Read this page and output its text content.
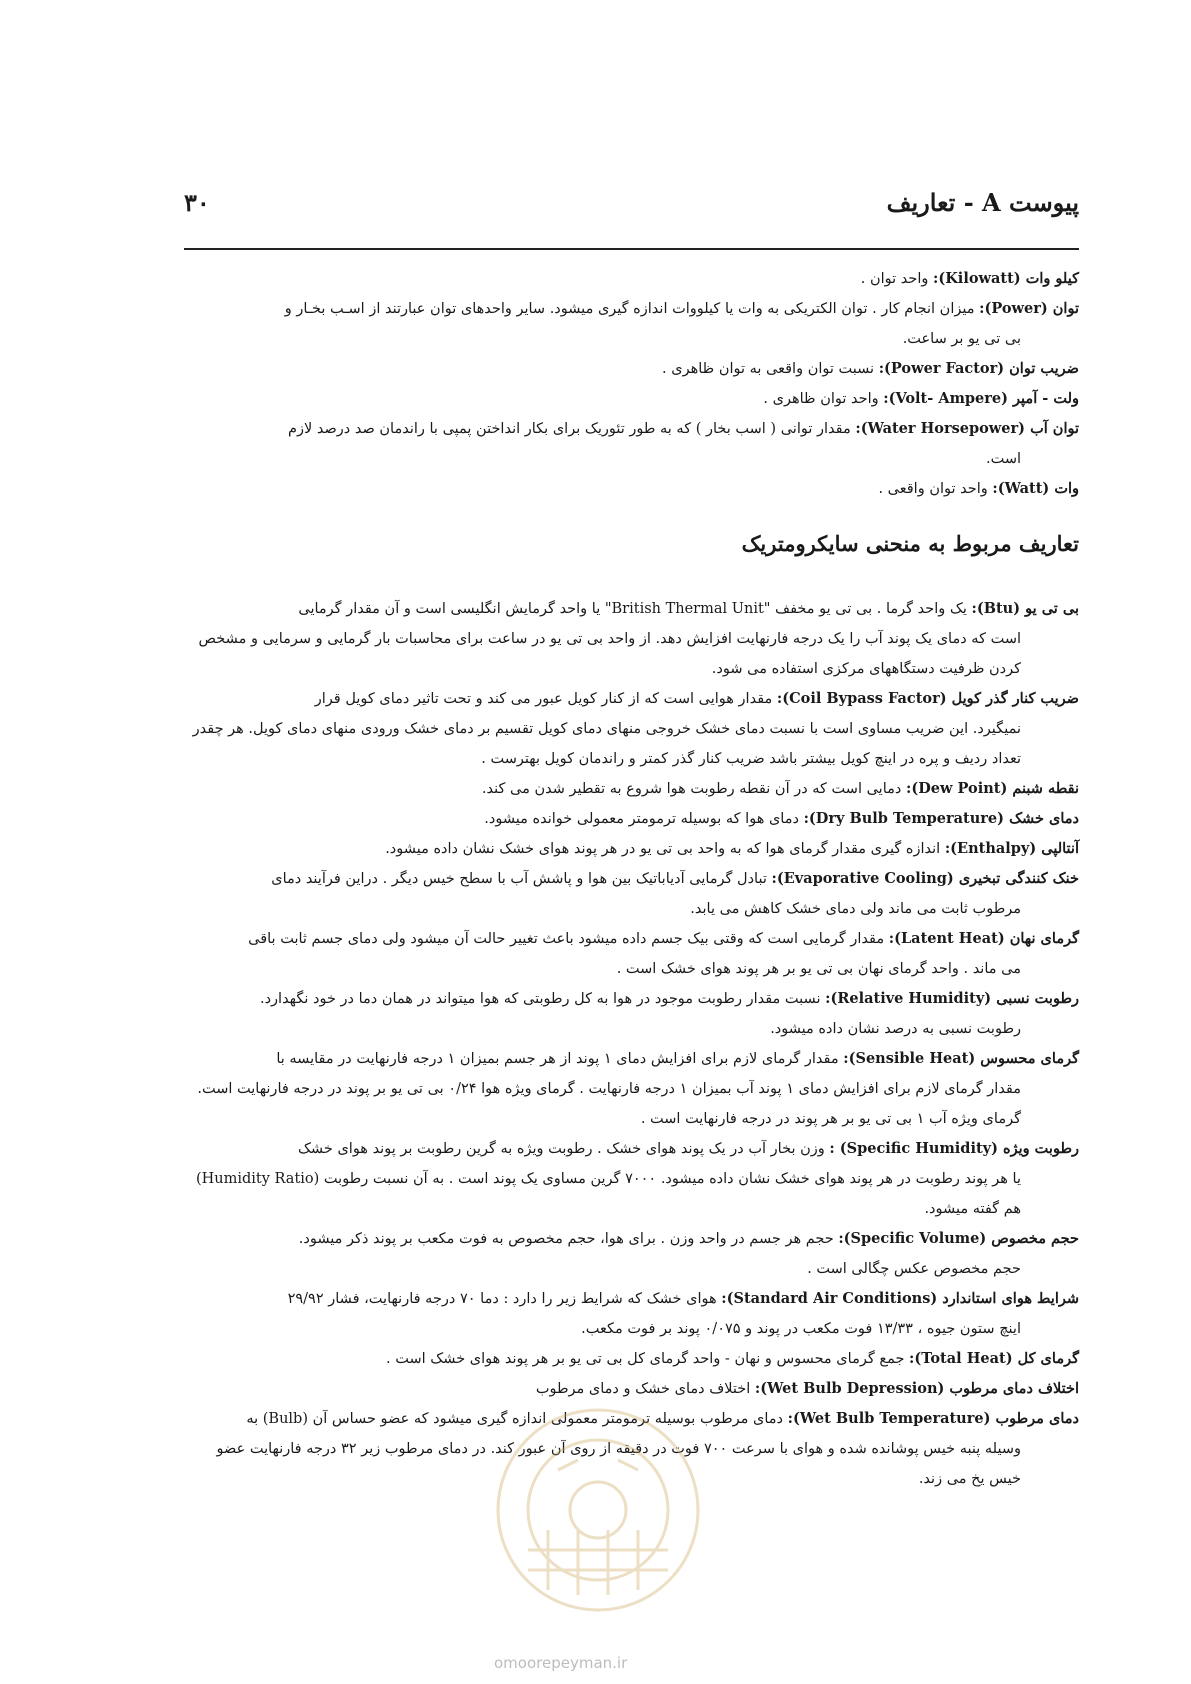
پیوست A - تعاریف
۳۰

کیلو وات (Kilowatt): واحد توان .

توان (Power): میزان انجام کار . توان الکتریکی به وات یا کیلووات اندازه گیری میشود. سایر واحدهای توان عبارتند از اسـب بخـار و
بی تی یو بر ساعت.

ضریب توان (Power Factor): نسبت توان واقعی به توان ظاهری .

ولت - آمپر (Volt- Ampere): واحد توان ظاهری .

توان آب (Water Horsepower): مقدار توانی ( اسب بخار ) که به طور تئوریک برای بکار انداختن پمپی با راندمان صد درصد لازم
است.

وات (Watt): واحد توان واقعی .

تعاریف مربوط به منحنی سایکرومتریک

بی تی یو (Btu): یک واحد گرما . بی تی یو مخفف "British Thermal Unit" یا واحد گرمایش انگلیسی است و آن مقدار گرمایی
است که دمای یک پوند آب را یک درجه فارنهایت افزایش دهد. از واحد بی تی یو در ساعت برای محاسبات بار گرمایی و سرمایی و مشخص کردن ظرفیت دستگاههای مرکزی استفاده می شود.

ضریب کنار گذر کویل (Coil Bypass Factor): مقدار هوایی است که از کنار کویل عبور می کند و تحت تاثیر دمای کویل قرار
نمیگیرد. این ضریب مساوی است با نسبت دمای خشک خروجی منهای دمای کویل تقسیم بر دمای خشک ورودی منهای دمای کویل. هر چقدر تعداد ردیف و پره در اینچ کویل بیشتر باشد ضریب کنار گذر کمتر و راندمان کویل بهترست .

نقطه شبنم (Dew Point): دمایی است که در آن نقطه رطوبت هوا شروع به تقطیر شدن می کند.

دمای خشک (Dry Bulb Temperature): دمای هوا که بوسیله ترمومتر معمولی خوانده میشود.

آنتالپی (Enthalpy): اندازه گیری مقدار گرمای هوا که به واحد بی تی یو در هر پوند هوای خشک نشان داده میشود.

خنک کنندگی تبخیری (Evaporative Cooling): تبادل گرمایی آدیاباتیک بین هوا و پاشش آب با سطح خیس دیگر . دراین فرآیند دمای
مرطوب ثابت می ماند ولی دمای خشک کاهش می یابد.

گرمای نهان (Latent Heat): مقدار گرمایی است که وقتی بیک جسم داده میشود باعث تغییر حالت آن میشود ولی دمای جسم ثابت باقی
می ماند . واحد گرمای نهان بی تی یو بر هر پوند هوای خشک است .

رطوبت نسبی (Relative Humidity): نسبت مقدار رطوبت موجود در هوا به کل رطوبتی که هوا میتواند در همان دما در خود نگهدارد.
رطوبت نسبی به درصد نشان داده میشود.

گرمای محسوس (Sensible Heat): مقدار گرمای لازم برای افزایش دمای ۱ پوند از هر جسم بمیزان ۱ درجه فارنهایت در مقایسه با
مقدار گرمای لازم برای افزایش دمای ۱ پوند آب بمیزان ۱ درجه فارنهایت . گرمای ویژه هوا ۰/۲۴ بی تی یو بر پوند در درجه فارنهایت است. گرمای ویژه آب ۱ بی تی یو بر هر پوند در درجه فارنهایت است .

رطوبت ویژه (Specific Humidity) : وزن بخار آب در یک پوند هوای خشک . رطوبت ویژه به گرین رطوبت بر پوند هوای خشک
یا هر پوند رطوبت در هر پوند هوای خشک نشان داده میشود. ۷۰۰۰ گرین مساوی یک پوند است . به آن نسبت رطوبت (Humidity Ratio) هم گفته میشود.

حجم مخصوص (Specific Volume): حجم هر جسم در واحد وزن . برای هوا، حجم مخصوص به فوت مکعب بر پوند ذکر میشود.
حجم مخصوص عکس چگالی است .

شرایط هوای استاندارد (Standard Air Conditions): هوای خشک که شرایط زیر را دارد : دما ۷۰ درجه فارنهایت، فشار ۲۹/۹۲
اینچ ستون جیوه ، ۱۳/۳۳ فوت مکعب در پوند و ۰/۰۷۵ پوند بر فوت مکعب.

گرمای کل (Total Heat): جمع گرمای محسوس و نهان - واحد گرمای کل بی تی یو بر هر پوند هوای خشک است .

اختلاف دمای مرطوب (Wet Bulb Depression): اختلاف دمای خشک و دمای مرطوب

دمای مرطوب (Wet Bulb Temperature): دمای مرطوب بوسیله ترمومتر معمولی اندازه گیری میشود که عضو حساس آن (Bulb) به
وسیله پنبه خیس پوشانده شده و هوای با سرعت ۷۰۰ فوت در دقیقه از روی آن عبور کند. در دمای مرطوب زیر ۳۲ درجه فارنهایت عضو خیس یخ می زند.

omoorepeyman.ir
